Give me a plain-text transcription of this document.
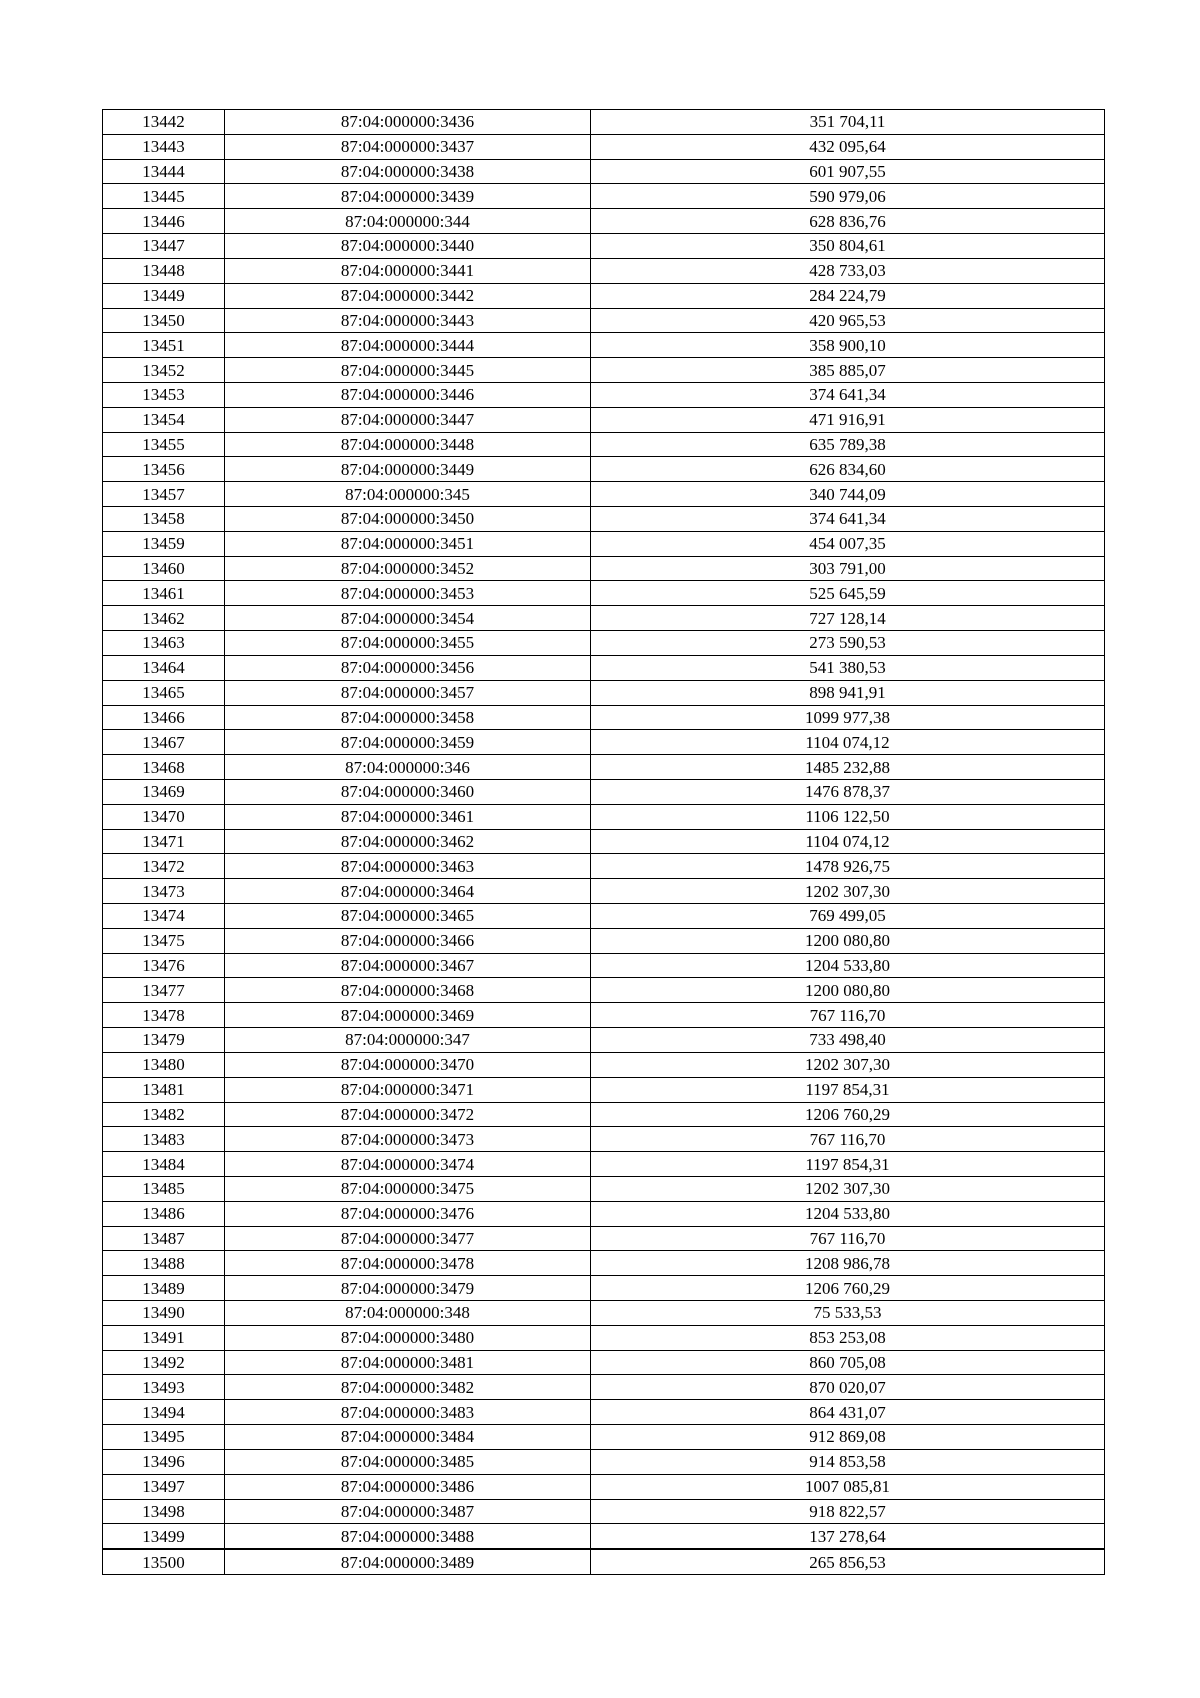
13442	87:04:000000:3436	351 704,11
13443	87:04:000000:3437	432 095,64
13444	87:04:000000:3438	601 907,55
13445	87:04:000000:3439	590 979,06
13446	87:04:000000:344	628 836,76
13447	87:04:000000:3440	350 804,61
13448	87:04:000000:3441	428 733,03
13449	87:04:000000:3442	284 224,79
13450	87:04:000000:3443	420 965,53
13451	87:04:000000:3444	358 900,10
13452	87:04:000000:3445	385 885,07
13453	87:04:000000:3446	374 641,34
13454	87:04:000000:3447	471 916,91
13455	87:04:000000:3448	635 789,38
13456	87:04:000000:3449	626 834,60
13457	87:04:000000:345	340 744,09
13458	87:04:000000:3450	374 641,34
13459	87:04:000000:3451	454 007,35
13460	87:04:000000:3452	303 791,00
13461	87:04:000000:3453	525 645,59
13462	87:04:000000:3454	727 128,14
13463	87:04:000000:3455	273 590,53
13464	87:04:000000:3456	541 380,53
13465	87:04:000000:3457	898 941,91
13466	87:04:000000:3458	1099 977,38
13467	87:04:000000:3459	1104 074,12
13468	87:04:000000:346	1485 232,88
13469	87:04:000000:3460	1476 878,37
13470	87:04:000000:3461	1106 122,50
13471	87:04:000000:3462	1104 074,12
13472	87:04:000000:3463	1478 926,75
13473	87:04:000000:3464	1202 307,30
13474	87:04:000000:3465	769 499,05
13475	87:04:000000:3466	1200 080,80
13476	87:04:000000:3467	1204 533,80
13477	87:04:000000:3468	1200 080,80
13478	87:04:000000:3469	767 116,70
13479	87:04:000000:347	733 498,40
13480	87:04:000000:3470	1202 307,30
13481	87:04:000000:3471	1197 854,31
13482	87:04:000000:3472	1206 760,29
13483	87:04:000000:3473	767 116,70
13484	87:04:000000:3474	1197 854,31
13485	87:04:000000:3475	1202 307,30
13486	87:04:000000:3476	1204 533,80
13487	87:04:000000:3477	767 116,70
13488	87:04:000000:3478	1208 986,78
13489	87:04:000000:3479	1206 760,29
13490	87:04:000000:348	75 533,53
13491	87:04:000000:3480	853 253,08
13492	87:04:000000:3481	860 705,08
13493	87:04:000000:3482	870 020,07
13494	87:04:000000:3483	864 431,07
13495	87:04:000000:3484	912 869,08
13496	87:04:000000:3485	914 853,58
13497	87:04:000000:3486	1007 085,81
13498	87:04:000000:3487	918 822,57
13499	87:04:000000:3488	137 278,64
13500	87:04:000000:3489	265 856,53
